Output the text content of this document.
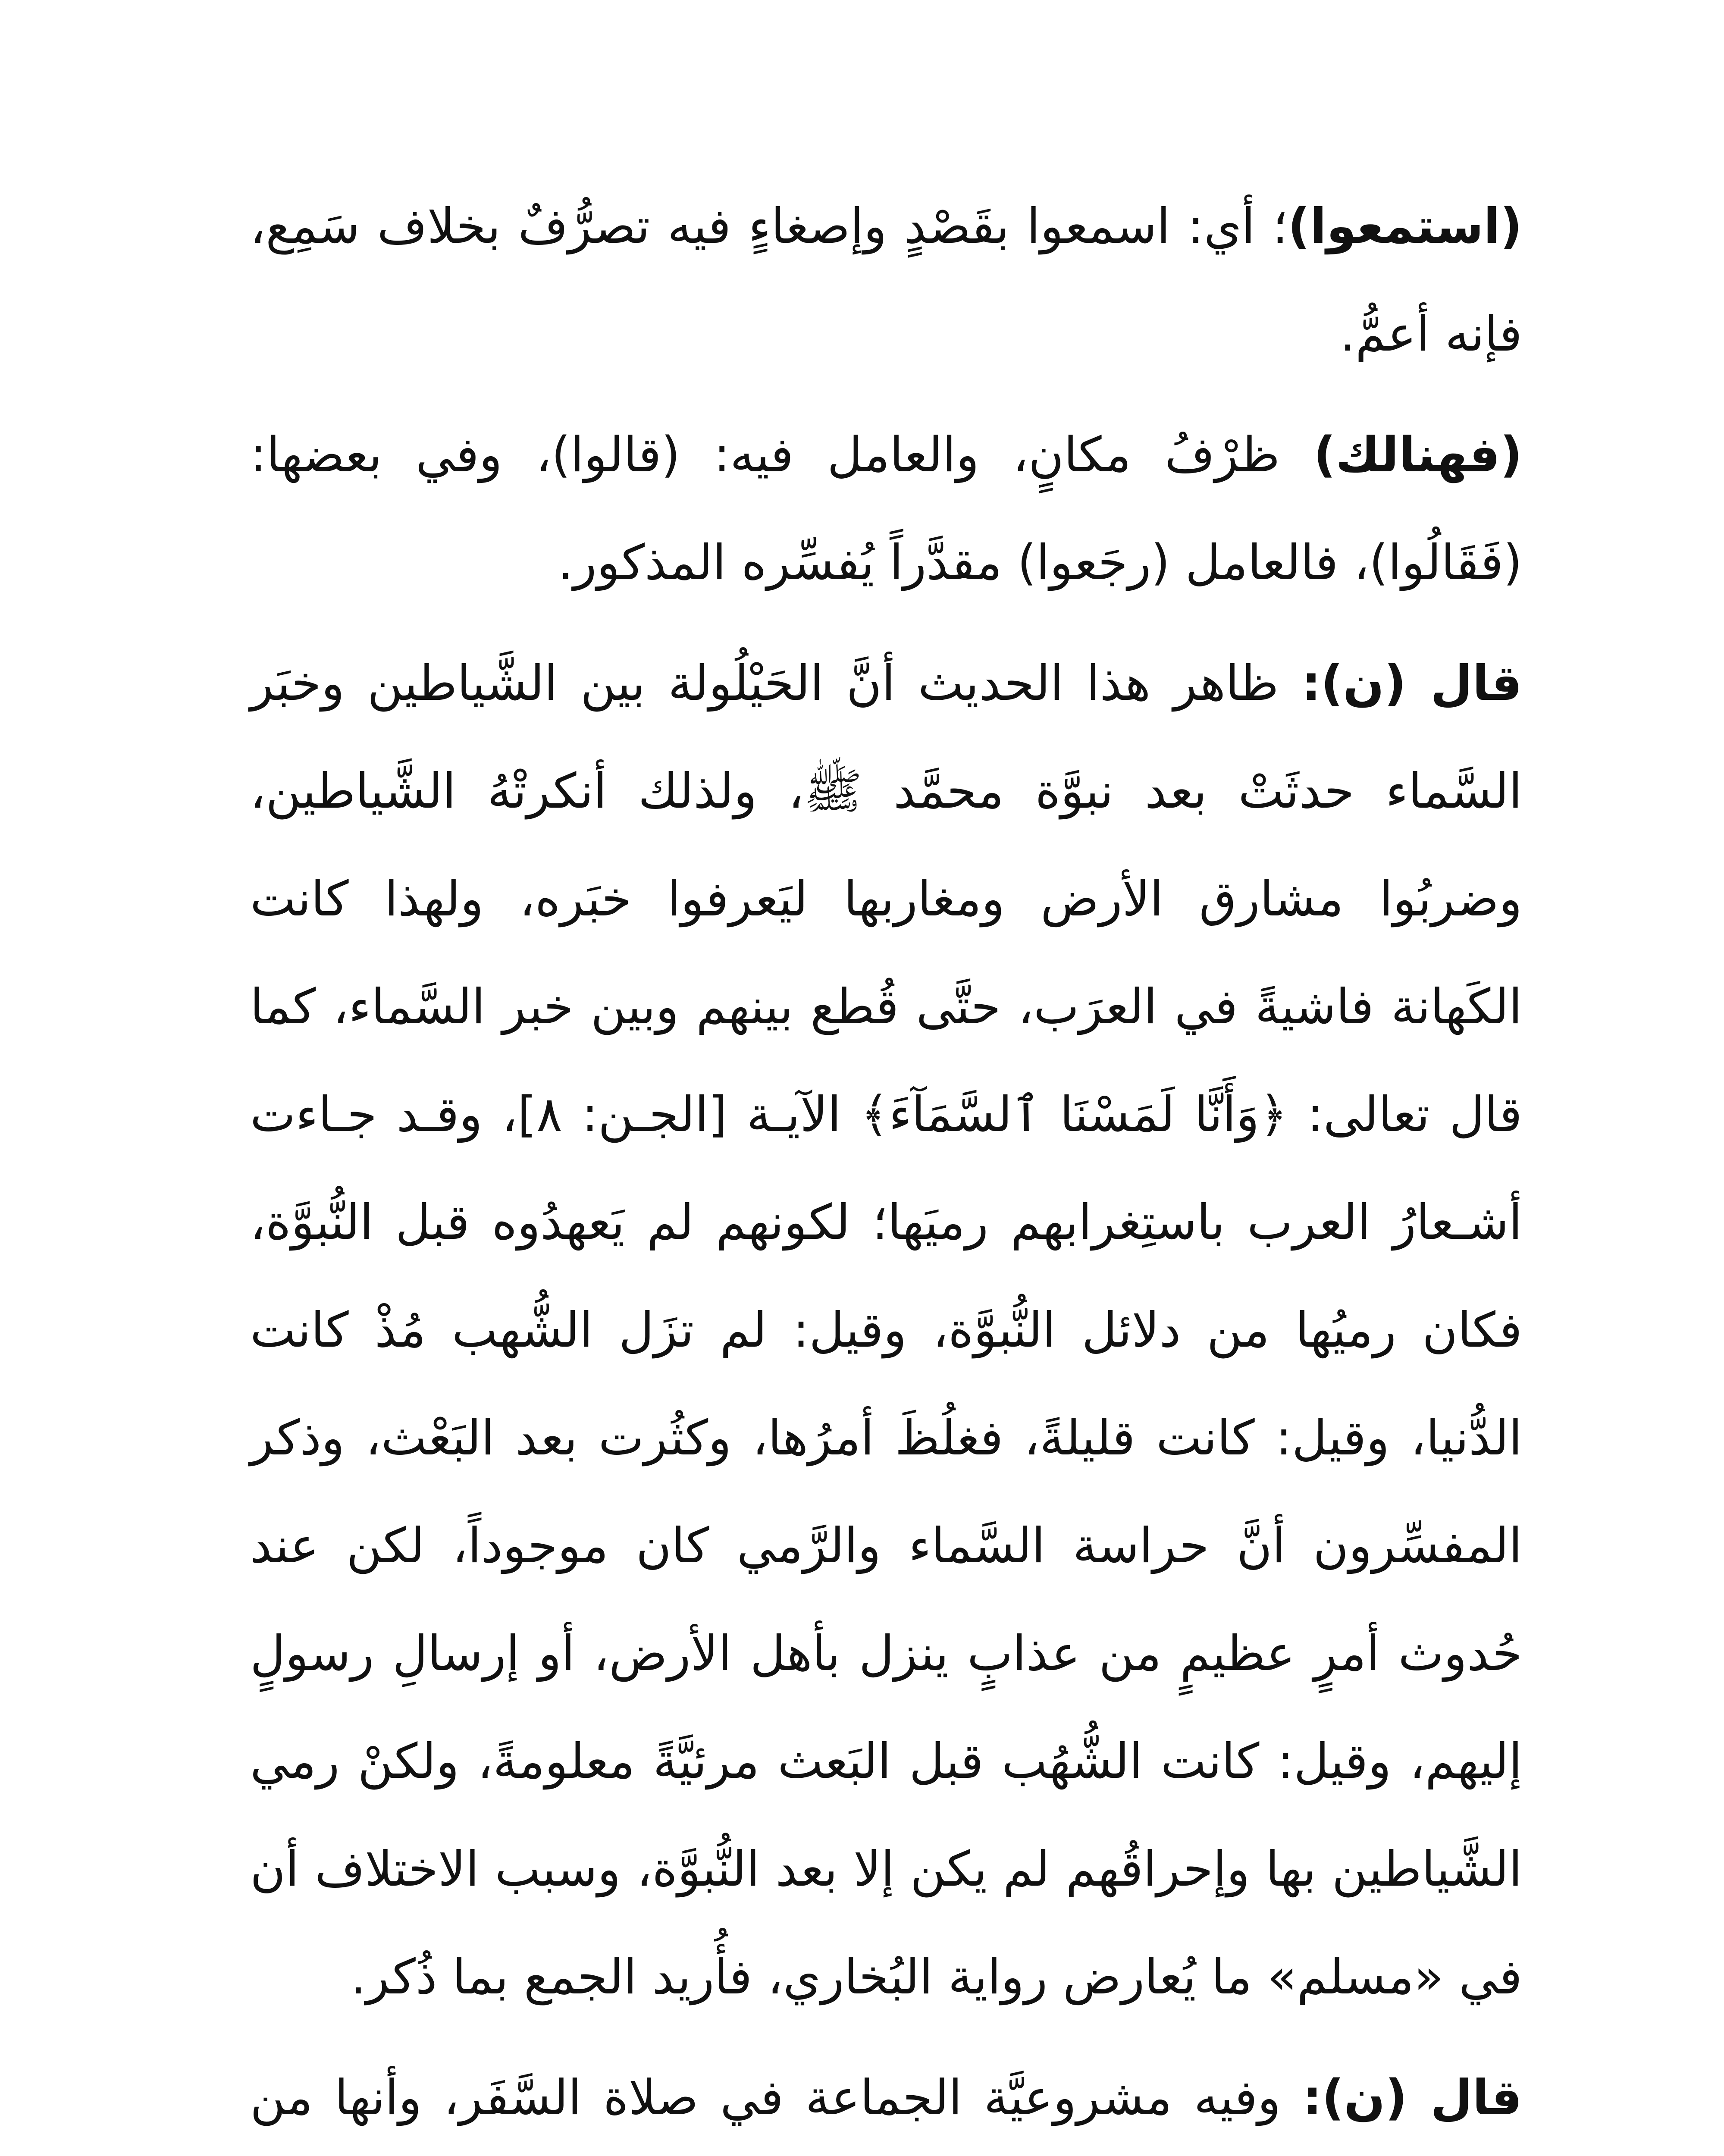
(استمعوا)؛ أي: اسمعوا بقَصْدٍ وإصغاءٍ فيه تصرُّفٌ بخلاف سَمِع، فإنه أعمُّ.

(فهنالك) ظرْفُ مكانٍ، والعامل فيه: (قالوا)، وفي بعضها: (فَقَالُوا)، فالعامل (رجَعوا) مقدَّراً يُفسِّره المذكور.

قال (ن): ظاهر هذا الحديث أنَّ الحَيْلُولة بين الشَّياطين وخبَر السَّماء حدثَتْ بعد نبوَّة محمَّد ﷺ، ولذلك أنكرتْهُ الشَّياطين، وضربُوا مشارق الأرض ومغاربها ليَعرفوا خبَره، ولهذا كانت الكَهانة فاشيةً في العرَب، حتَّى قُطع بينهم وبين خبر السَّماء، كما قال تعالى: ﴿وَأَنَّا لَمَسْنَا ٱلسَّمَآءَ﴾ الآيـة [الجـن: ٨]، وقـد جـاءت أشـعارُ العرب باستِغرابهم رميَها؛ لكونهم لم يَعهدُوه قبل النُّبوَّة، فكان رميُها من دلائل النُّبوَّة، وقيل: لم تزَل الشُّهب مُذْ كانت الدُّنيا، وقيل: كانت قليلةً، فغلُظَ أمرُها، وكثُرت بعد البَعْث، وذكر المفسِّرون أنَّ حراسة السَّماء والرَّمي كان موجوداً، لكن عند حُدوث أمرٍ عظيمٍ من عذابٍ ينزل بأهل الأرض، أو إرسالِ رسولٍ إليهم، وقيل: كانت الشُّهُب قبل البَعث مرئيَّةً معلومةً، ولكنْ رمي الشَّياطين بها وإحراقُهم لم يكن إلا بعد النُّبوَّة، وسبب الاختلاف أن في «مسلم» ما يُعارض رواية البُخاري، فأُريد الجمع بما ذُكر.

قال (ن): وفيه مشروعيَّة الجماعة في صلاة السَّفَر، وأنها من
